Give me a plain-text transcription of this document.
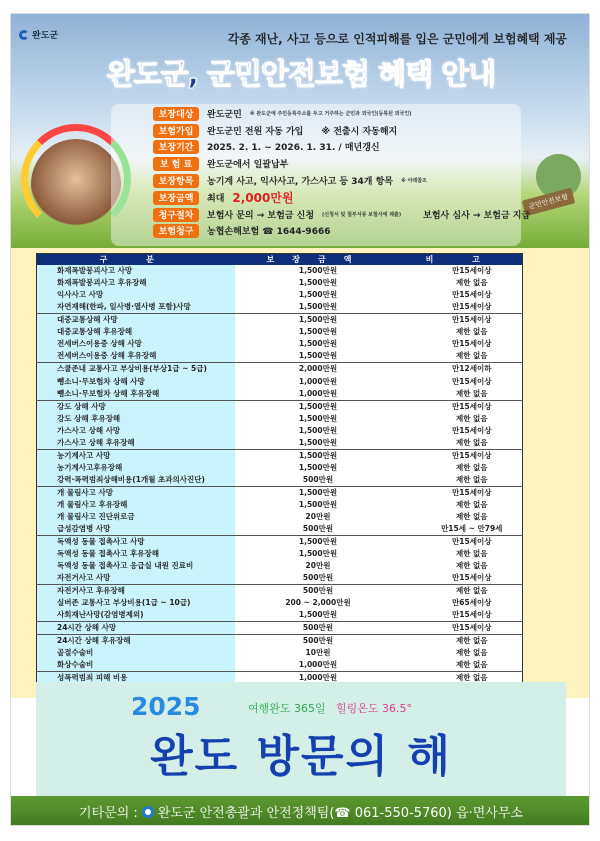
완도군	각종 재난, 사고 등으로 인적피해를 입은 군민에게 보험혜택 제공
완도군, 군민안전보험 혜택 안내
군민안전보험
보장대상	완도군민 ※ 완도군에 주민등록주소를 두고 거주하는 군민과 외국인(등록된 외국인)
보험가입	완도군민 전원 자동 가입 ※ 전출시 자동해지
보장기간	2025. 2. 1. ~ 2026. 1. 31. / 매년갱신
보 험 료	완도군에서 일괄납부
보장항목	농기계 사고, 익사사고, 가스사고 등 34개 항목 ※ 아래참조
보장금액	최대 2,000만원
청구절차	보험사 문의 → 보험금 신청 (신청서 및 첨부서류 보험사에 제출) 보험사 심사 → 보험금 지급
보험청구	농협손해보험 ☎ 1644-9666
구 분	보장금액	비 고
화재폭발붕괴사고 사망	1,500만원	만15세이상
화재폭발붕괴사고 후유장해	1,500만원	제한 없음
익사사고 사망	1,500만원	만15세이상
자연재해(한파, 일사병·열사병 포함)사망	1,500만원	만15세이상
대중교통상해 사망	1,500만원	만15세이상
대중교통상해 후유장해	1,500만원	제한 없음
전세버스이용중 상해 사망	1,500만원	만15세이상
전세버스이용중 상해 후유장해	1,500만원	제한 없음
스쿨존내 교통사고 부상비용(부상1급 ~ 5급)	2,000만원	만12세이하
뺑소니·무보험차 상해 사망	1,000만원	만15세이상
뺑소니·무보험차 상해 후유장해	1,000만원	제한 없음
강도 상해 사망	1,500만원	만15세이상
강도 상해 후유장해	1,500만원	제한 없음
가스사고 상해 사망	1,500만원	만15세이상
가스사고 상해 후유장해	1,500만원	제한 없음
농기계사고 사망	1,500만원	만15세이상
농기계사고후유장해	1,500만원	제한 없음
강력·폭력범죄상해비용(1개월 초과의사진단)	500만원	제한 없음
개 물림사고 사망	1,500만원	만15세이상
개 물림사고 후유장해	1,500만원	제한 없음
개 물림사고 진단위로금	20만원	제한 없음
급성감염병 사망	500만원	만15세 ~ 만79세
독액성 동물 접촉사고 사망	1,500만원	만15세이상
독액성 동물 접촉사고 후유장해	1,500만원	제한 없음
독액성 동물 접촉사고 응급실 내원 진료비	20만원	제한 없음
자전거사고 사망	500만원	만15세이상
자전거사고 후유장해	500만원	제한 없음
실버존 교통사고 부상비용(1급 ~ 10급)	200 ~ 2,000만원	만65세이상
사회재난사망(감염병제외)	1,500만원	만15세이상
24시간 상해 사망	500만원	만15세이상
24시간 상해 후유장해	500만원	제한 없음
골절수술비	10만원	제한 없음
화상수술비	1,000만원	제한 없음
성폭력범죄 피해 비용	1,000만원	제한 없음
2025	여행완도 365일 힐링온도 36.5°
완도 방문의 해
기타문의 : 완도군 안전총괄과 안전정책팀(☎ 061-550-5760) 읍·면사무소
